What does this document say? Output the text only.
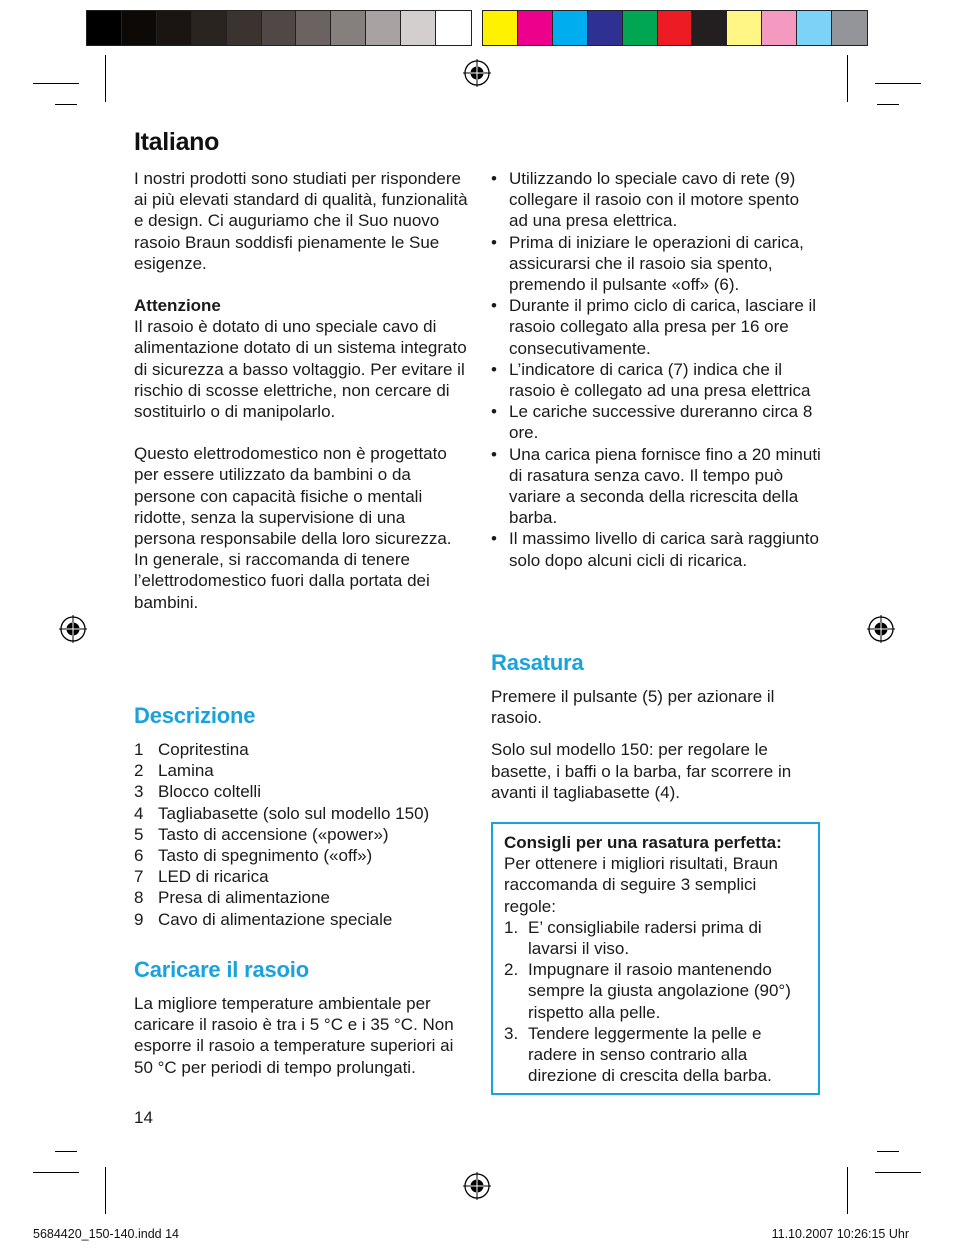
Italiano

I nostri prodotti sono studiati per rispondere ai più elevati standard di qualità, funzionalità e design. Ci auguriamo che il Suo nuovo rasoio Braun soddisfi pienamente le Sue esigenze.

Attenzione

Il rasoio è dotato di uno speciale cavo di alimentazione dotato di un sistema integrato di sicurezza a basso voltaggio. Per evitare il rischio di scosse elettriche, non cercare di sostituirlo o di manipolarlo.

Questo elettrodomestico non è progettato per essere utilizzato da bambini o da persone con capacità fisiche o mentali ridotte, senza la supervisione di una persona responsabile della loro sicurezza. In generale, si raccomanda di tenere l’elettrodomestico fuori dalla portata dei bambini.

Descrizione
1 Copritestina
2 Lamina
3 Blocco coltelli
4 Tagliabasette (solo sul modello 150)
5 Tasto di accensione («power»)
6 Tasto di spegnimento («off»)
7 LED di ricarica
8 Presa di alimentazione
9 Cavo di alimentazione speciale
Caricare il rasoio

La migliore temperature ambientale per caricare il rasoio è tra i 5 °C e i 35 °C. Non esporre il rasoio a temperature superiori ai 50 °C per periodi di tempo prolungati.

14
• Utilizzando lo speciale cavo di rete (9) collegare il rasoio con il motore spento ad una presa elettrica.
• Prima di iniziare le operazioni di carica, assicurarsi che il rasoio sia spento, premendo il pulsante «off» (6).
• Durante il primo ciclo di carica, lasciare il rasoio collegato alla presa per 16 ore consecutivamente.
• L’indicatore di carica (7) indica che il rasoio è collegato ad una presa elettrica
• Le cariche successive dureranno circa 8 ore.
• Una carica piena fornisce fino a 20 minuti di rasatura senza cavo. Il tempo può variare a seconda della ricrescita della barba.
• Il massimo livello di carica sarà raggiunto solo dopo alcuni cicli di ricarica.
Rasatura

Premere il pulsante (5) per azionare il rasoio.

Solo sul modello 150: per regolare le basette, i baffi o la barba, far scorrere in avanti il tagliabasette (4).

Consigli per una rasatura perfetta:

Per ottenere i migliori risultati, Braun raccomanda di seguire 3 semplici regole:

1. E’ consigliabile radersi prima di lavarsi il viso.
2. Impugnare il rasoio mantenendo sempre la giusta angolazione (90°) rispetto alla pelle.
3. Tendere leggermente la pelle e radere in senso contrario alla direzione di crescita della barba.
5684420_150-140.indd 14	11.10.2007 10:26:15 Uhr
